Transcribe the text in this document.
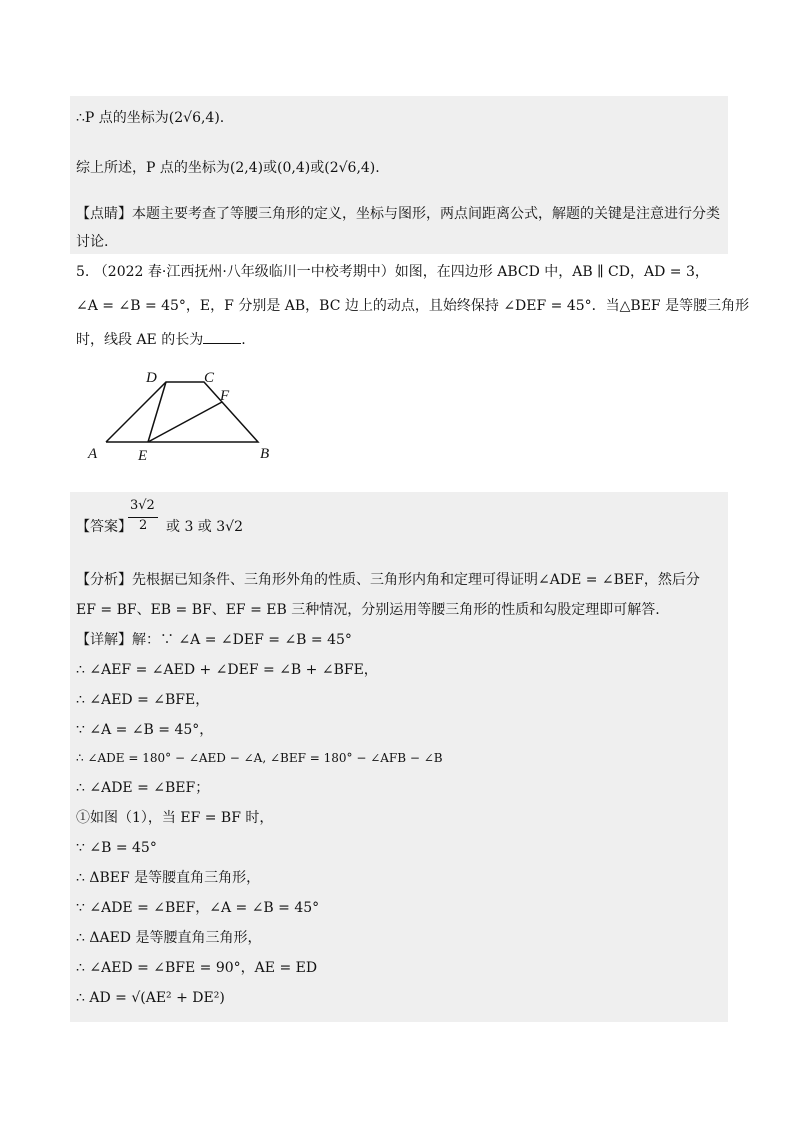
∴P 点的坐标为(2√6,4).
综上所述，P 点的坐标为(2,4)或(0,4)或(2√6,4).
【点睛】本题主要考查了等腰三角形的定义，坐标与图形，两点间距离公式，解题的关键是注意进行分类
讨论.
5. （2022 春·江西抚州·八年级临川一中校考期中）如图，在四边形 ABCD 中，AB ∥ CD，AD = 3，
∠A = ∠B = 45°，E，F 分别是 AB，BC 边上的动点，且始终保持 ∠DEF = 45°．当△BEF 是等腰三角形
时，线段 AE 的长为	.
A	E	B
D	C
F
3√2
2
【答案】 或 3 或 3√2
【分析】先根据已知条件、三角形外角的性质、三角形内角和定理可得证明∠ADE = ∠BEF，然后分
EF = BF、EB = BF、EF = EB 三种情况，分别运用等腰三角形的性质和勾股定理即可解答.
【详解】解：∵ ∠A = ∠DEF = ∠B = 45°
∴ ∠AEF = ∠AED + ∠DEF = ∠B + ∠BFE，
∴ ∠AED = ∠BFE，
∵ ∠A = ∠B = 45°，
∴ ∠ADE = 180° − ∠AED − ∠A, ∠BEF = 180° − ∠AFB − ∠B
∴ ∠ADE = ∠BEF；
①如图（1），当 EF = BF 时，
∵ ∠B = 45°
∴ ΔBEF 是等腰直角三角形，
∵ ∠ADE = ∠BEF，∠A = ∠B = 45°
∴ ΔAED 是等腰直角三角形，
∴ ∠AED = ∠BFE = 90°，AE = ED
∴ AD = √(AE² + DE²)
